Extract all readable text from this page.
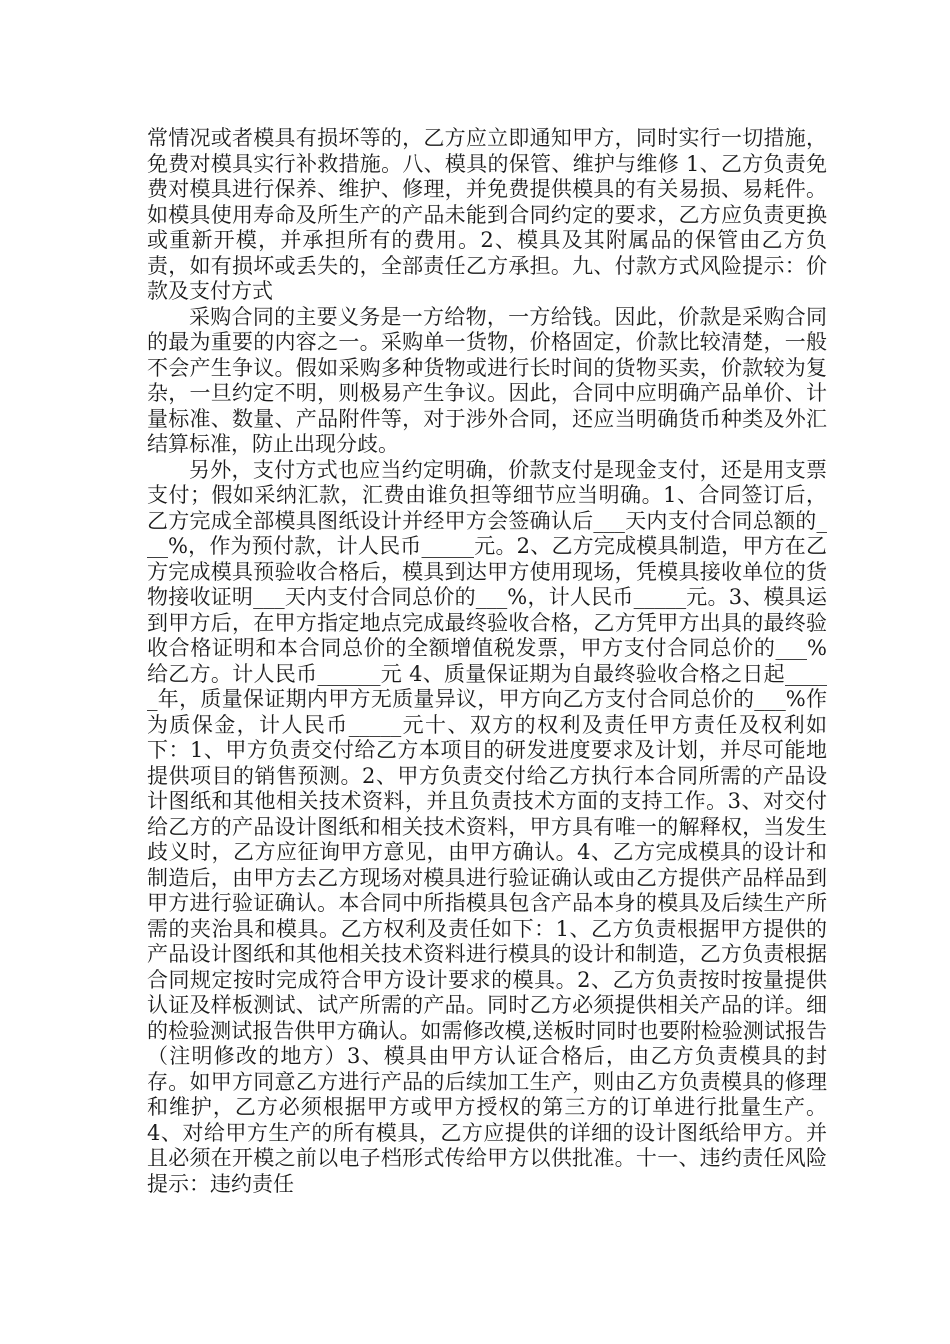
常情况或者模具有损坏等的，乙方应立即通知甲方，同时实行一切措施，免费对模具实行补救措施。八、模具的保管、维护与维修 1、乙方负责免费对模具进行保养、维护、修理，并免费提供模具的有关易损、易耗件。如模具使用寿命及所生产的产品未能到合同约定的要求，乙方应负责更换或重新开模，并承担所有的费用。2、模具及其附属品的保管由乙方负责，如有损坏或丢失的，全部责任乙方承担。九、付款方式风险提示：价款及支付方式

采购合同的主要义务是一方给物，一方给钱。因此，价款是采购合同的最为重要的内容之一。采购单一货物，价格固定，价款比较清楚，一般不会产生争议。假如采购多种货物或进行长时间的货物买卖，价款较为复杂，一旦约定不明，则极易产生争议。因此，合同中应明确产品单价、计量标准、数量、产品附件等，对于涉外合同，还应当明确货币种类及外汇结算标准，防止出现分歧。

另外，支付方式也应当约定明确，价款支付是现金支付，还是用支票支付；假如采纳汇款，汇费由谁负担等细节应当明确。1、合同签订后，乙方完成全部模具图纸设计并经甲方会签确认后___天内支付合同总额的___%，作为预付款，计人民币_____元。2、乙方完成模具制造，甲方在乙方完成模具预验收合格后，模具到达甲方使用现场，凭模具接收单位的货物接收证明___天内支付合同总价的___%，计人民币_____元。3、模具运到甲方后，在甲方指定地点完成最终验收合格，乙方凭甲方出具的最终验收合格证明和本合同总价的全额增值税发票，甲方支付合同总价的___%给乙方。计人民币______元 4、质量保证期为自最终验收合格之日起_____年，质量保证期内甲方无质量异议，甲方向乙方支付合同总价的___%作为质保金，计人民币_____元十、双方的权利及责任甲方责任及权利如下：1、甲方负责交付给乙方本项目的研发进度要求及计划，并尽可能地提供项目的销售预测。2、甲方负责交付给乙方执行本合同所需的产品设计图纸和其他相关技术资料，并且负责技术方面的支持工作。3、对交付给乙方的产品设计图纸和相关技术资料，甲方具有唯一的解释权，当发生歧义时，乙方应征询甲方意见，由甲方确认。4、乙方完成模具的设计和制造后，由甲方去乙方现场对模具进行验证确认或由乙方提供产品样品到甲方进行验证确认。本合同中所指模具包含产品本身的模具及后续生产所需的夹治具和模具。乙方权利及责任如下：1、乙方负责根据甲方提供的产品设计图纸和其他相关技术资料进行模具的设计和制造，乙方负责根据合同规定按时完成符合甲方设计要求的模具。2、乙方负责按时按量提供认证及样板测试、试产所需的产品。同时乙方必须提供相关产品的详。细的检验测试报告供甲方确认。如需修改模,送板时同时也要附检验测试报告（注明修改的地方）3、模具由甲方认证合格后，由乙方负责模具的封存。如甲方同意乙方进行产品的后续加工生产，则由乙方负责模具的修理和维护，乙方必须根据甲方或甲方授权的第三方的订单进行批量生产。4、对给甲方生产的所有模具，乙方应提供的详细的设计图纸给甲方。并且必须在开模之前以电子档形式传给甲方以供批准。十一、违约责任风险提示：违约责任
